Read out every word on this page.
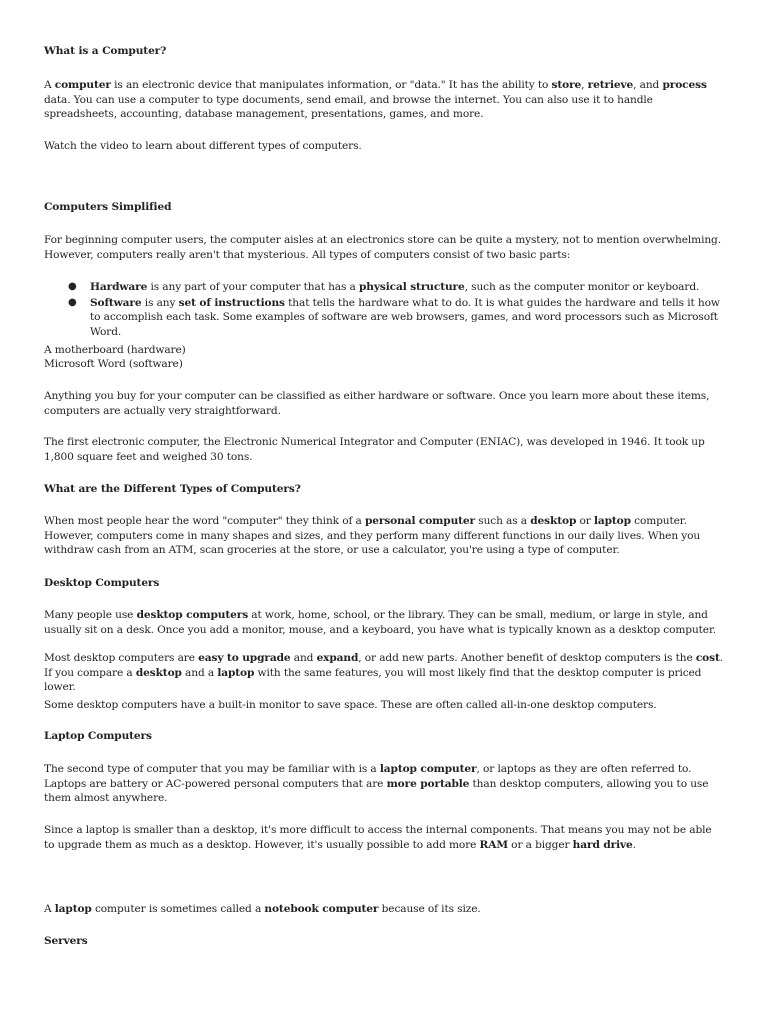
What is a Computer?

A computer is an electronic device that manipulates information, or "data." It has the ability to store, retrieve, and process data. You can use a computer to type documents, send email, and browse the internet. You can also use it to handle spreadsheets, accounting, database management, presentations, games, and more.

Watch the video to learn about different types of computers.

Computers Simplified

For beginning computer users, the computer aisles at an electronics store can be quite a mystery, not to mention overwhelming. However, computers really aren't that mysterious. All types of computers consist of two basic parts:

● Hardware is any part of your computer that has a physical structure, such as the computer monitor or keyboard.
● Software is any set of instructions that tells the hardware what to do. It is what guides the hardware and tells it how to accomplish each task. Some examples of software are web browsers, games, and word processors such as Microsoft Word.

A motherboard (hardware)

Microsoft Word (software)

Anything you buy for your computer can be classified as either hardware or software. Once you learn more about these items, computers are actually very straightforward.

The first electronic computer, the Electronic Numerical Integrator and Computer (ENIAC), was developed in 1946. It took up 1,800 square feet and weighed 30 tons.

What are the Different Types of Computers?

When most people hear the word "computer" they think of a personal computer such as a desktop or laptop computer. However, computers come in many shapes and sizes, and they perform many different functions in our daily lives. When you withdraw cash from an ATM, scan groceries at the store, or use a calculator, you're using a type of computer.

Desktop Computers

Many people use desktop computers at work, home, school, or the library. They can be small, medium, or large in style, and usually sit on a desk. Once you add a monitor, mouse, and a keyboard, you have what is typically known as a desktop computer.

Most desktop computers are easy to upgrade and expand, or add new parts. Another benefit of desktop computers is the cost. If you compare a desktop and a laptop with the same features, you will most likely find that the desktop computer is priced lower.

Some desktop computers have a built-in monitor to save space. These are often called all-in-one desktop computers.

Laptop Computers

The second type of computer that you may be familiar with is a laptop computer, or laptops as they are often referred to. Laptops are battery or AC-powered personal computers that are more portable than desktop computers, allowing you to use them almost anywhere.

Since a laptop is smaller than a desktop, it's more difficult to access the internal components. That means you may not be able to upgrade them as much as a desktop. However, it's usually possible to add more RAM or a bigger hard drive.

A laptop computer is sometimes called a notebook computer because of its size.

Servers
